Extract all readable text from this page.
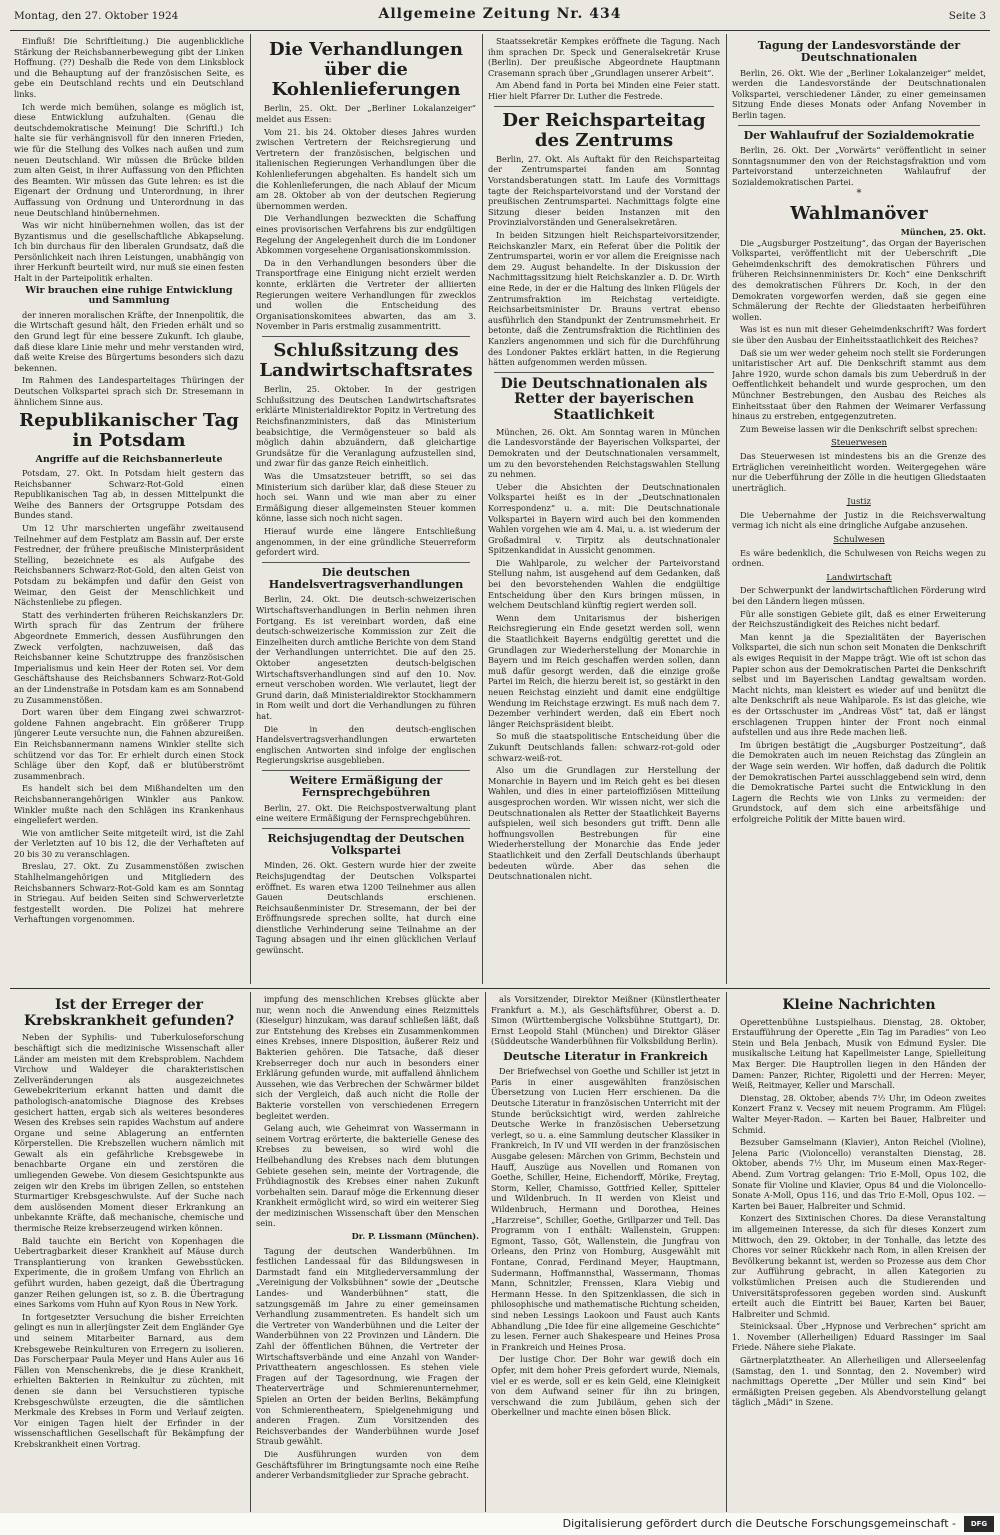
Montag, den 27. Oktober 1924	Allgemeine Zeitung Nr. 434	Seite 3

Einfluß! Die Schriftleitung.) Die augenblickliche Stärkung der Reichsbannerbewegung gibt der Linken Hoffnung. (??) Deshalb die Rede von dem Linksblock und die Behauptung auf der französischen Seite, es gebe ein Deutschland rechts und ein Deutschland links.

Ich werde mich bemühen, solange es möglich ist, diese Entwicklung aufzuhalten. (Genau die deutschdemokratische Meinung! Die Schriftl.) Ich halte sie für verhängnisvoll für den inneren Frieden, wie für die Stellung des Volkes nach außen und zum neuen Deutschland. Wir müssen die Brücke bilden zum alten Geist, in ihrer Auffassung von den Pflichten des Beamten. Wir müssen das Gute lehren: es ist die Eigenart der Ordnung und Unterordnung, in ihrer Auffassung von Ordnung und Unterordnung in das neue Deutschland hinübernehmen.

Was wir nicht hinübernehmen wollen, das ist der Byzantismus und die gesellschaftliche Abkapselung. Ich bin durchaus für den liberalen Grundsatz, daß die Persönlichkeit nach ihren Leistungen, unabhängig von ihrer Herkunft beurteilt wird, nur muß sie einen festen Halt in der Parteipolitik erhalten.

Wir brauchen eine ruhige Entwicklung und Sammlung

der inneren moralischen Kräfte, der Innenpolitik, die die Wirtschaft gesund hält, den Frieden erhält und so den Grund legt für eine bessere Zukunft. Ich glaube, daß diese klare Linie mehr und mehr verstanden wird, daß weite Kreise des Bürgertums besonders sich dazu bekennen.

Im Rahmen des Landesparteitages Thüringen der Deutschen Volkspartei sprach sich Dr. Stresemann in ähnlichem Sinne aus.

Republikanischer Tag in Potsdam
Angriffe auf die Reichsbannerleute

Potsdam, 27. Okt. In Potsdam hielt gestern das Reichsbanner Schwarz-Rot-Gold einen Republikanischen Tag ab, in dessen Mittelpunkt die Weihe des Banners der Ortsgruppe Potsdam des Bundes stand.

Um 12 Uhr marschierten ungefähr zweitausend Teilnehmer auf dem Festplatz am Bassin auf. Der erste Festredner, der frühere preußische Ministerpräsident Stelling, bezeichnete es als Aufgabe des Reichsbanners Schwarz-Rot-Gold, den alten Geist von Potsdam zu bekämpfen und dafür den Geist von Weimar, den Geist der Menschlichkeit und Nächstenliebe zu pflegen.

Statt des verhinderten früheren Reichskanzlers Dr. Wirth sprach für das Zentrum der frühere Abgeordnete Emmerich, dessen Ausführungen den Zweck verfolgten, nachzuweisen, daß das Reichsbanner keine Schutztruppe des französischen Imperialismus und kein Heer der Roten sei. Vor dem Geschäftshause des Reichsbanners Schwarz-Rot-Gold an der Lindenstraße in Potsdam kam es am Sonnabend zu Zusammenstößen.

Dort waren über dem Eingang zwei schwarzrot-goldene Fahnen angebracht. Ein größerer Trupp jüngerer Leute versuchte nun, die Fahnen abzureißen. Ein Reichsbannermann namens Winkler stellte sich schützend vor das Tor. Er erhielt durch einen Stock Schläge über den Kopf, daß er blutüberströmt zusammenbrach.

Es handelt sich bei dem Mißhandelten um den Reichsbannerangehörigen Winkler aus Pankow. Winkler mußte nach den Schlägen ins Krankenhaus eingeliefert werden.

Wie von amtlicher Seite mitgeteilt wird, ist die Zahl der Verletzten auf 10 bis 12, die der Verhafteten auf 20 bis 30 zu veranschlagen.

Breslau, 27. Okt. Zu Zusammenstößen zwischen Stahlhelmangehörigen und Mitgliedern des Reichsbanners Schwarz-Rot-Gold kam es am Sonntag in Striegau. Auf beiden Seiten sind Schwerverletzte festgestellt worden. Die Polizei hat mehrere Verhaftungen vorgenommen.

Die Verhandlungen über die Kohlenlieferungen

Berlin, 25. Okt. Der „Berliner Lokalanzeiger“ meldet aus Essen:

Vom 21. bis 24. Oktober dieses Jahres wurden zwischen Vertretern der Reichsregierung und Vertretern der französischen, belgischen und italienischen Regierungen Verhandlungen über die Kohlenlieferungen abgehalten. Es handelt sich um die Kohlenlieferungen, die nach Ablauf der Micum am 28. Oktober ab von der deutschen Regierung übernommen werden.

Die Verhandlungen bezweckten die Schaffung eines provisorischen Verfahrens bis zur endgültigen Regelung der Angelegenheit durch die im Londoner Abkommen vorgesehene Organisationskommission.

Da in den Verhandlungen besonders über die Transportfrage eine Einigung nicht erzielt werden konnte, erklärten die Vertreter der alliierten Regierungen weitere Verhandlungen für zwecklos und wollen die Entscheidung des Organisationskomitees abwarten, das am 3. November in Paris erstmalig zusammentritt.

Schlußsitzung des Landwirtschaftsrates

Berlin, 25. Oktober. In der gestrigen Schlußsitzung des Deutschen Landwirtschaftsrates erklärte Ministerialdirektor Popitz in Vertretung des Reichsfinanzministers, daß das Ministerium beabsichtige, die Vermögensteuer so bald als möglich dahin abzuändern, daß gleichartige Grundsätze für die Veranlagung aufzustellen sind, und zwar für das ganze Reich einheitlich.

Was die Umsatzsteuer betrifft, so sei das Ministerium sich darüber klar, daß diese Steuer zu hoch sei. Wann und wie man aber zu einer Ermäßigung dieser allgemeinsten Steuer kommen könne, lasse sich noch nicht sagen.

Hierauf wurde eine längere Entschließung angenommen, in der eine gründliche Steuerreform gefordert wird.

Die deutschen Handelsvertragsverhandlungen

Berlin, 24. Okt. Die deutsch-schweizerischen Wirtschaftsverhandlungen in Berlin nehmen ihren Fortgang. Es ist vereinbart worden, daß eine deutsch-schweizerische Kommission zur Zeit die Einzelheiten durch amtliche Berichte von dem Stand der Verhandlungen unterrichtet. Die auf den 25. Oktober angesetzten deutsch-belgischen Wirtschaftsverhandlungen sind auf den 10. Nov. erneut verschoben worden. Wie verlautet, liegt der Grund darin, daß Ministerialdirektor Stockhammern in Rom weilt und dort die Verhandlungen zu führen hat.

Die in den deutsch-englischen Handelsvertragsverhandlungen erwarteten englischen Antworten sind infolge der englischen Regierungskrise ausgeblieben.

Weitere Ermäßigung der Fernsprechgebühren

Berlin, 27. Okt. Die Reichspostverwaltung plant eine weitere Ermäßigung der Fernsprechgebühren.

Reichsjugendtag der Deutschen Volkspartei

Minden, 26. Okt. Gestern wurde hier der zweite Reichsjugendtag der Deutschen Volkspartei eröffnet. Es waren etwa 1200 Teilnehmer aus allen Gauen Deutschlands erschienen. Reichsaußenminister Dr. Stresemann, der bei der Eröffnungsrede sprechen sollte, hat durch eine dienstliche Verhinderung seine Teilnahme an der Tagung absagen und ihr einen glücklichen Verlauf gewünscht.

Staatssekretär Kempkes eröffnete die Tagung. Nach ihm sprachen Dr. Speck und Generalsekretär Kruse (Berlin). Der preußische Abgeordnete Hauptmann Crasemann sprach über „Grundlagen unserer Arbeit“.

Am Abend fand in Porta bei Minden eine Feier statt. Hier hielt Pfarrer Dr. Luther die Festrede.

Der Reichsparteitag des Zentrums

Berlin, 27. Okt. Als Auftakt für den Reichsparteitag der Zentrumspartei fanden am Sonntag Vorstandsberatungen statt. Im Laufe des Vormittags tagte der Reichsparteivorstand und der Vorstand der preußischen Zentrumspartei. Nachmittags folgte eine Sitzung dieser beiden Instanzen mit den Provinzialvorständen und Generalsekretären.

In beiden Sitzungen hielt Reichsparteivorsitzender, Reichskanzler Marx, ein Referat über die Politik der Zentrumspartei, worin er vor allem die Ereignisse nach dem 29. August behandelte. In der Diskussion der Nachmittagssitzung hielt Reichskanzler a. D. Dr. Wirth eine Rede, in der er die Haltung des linken Flügels der Zentrumsfraktion im Reichstag verteidigte. Reichsarbeitsminister Dr. Brauns vertrat ebenso ausführlich den Standpunkt der Zentrumsmehrheit. Er betonte, daß die Zentrumsfraktion die Richtlinien des Kanzlers angenommen und sich für die Durchführung des Londoner Paktes erklärt hatten, in die Regierung hätten aufgenommen werden müssen.

Die Deutschnationalen als Retter der bayerischen Staatlichkeit

München, 26. Okt. Am Sonntag waren in München die Landesvorstände der Bayerischen Volkspartei, der Demokraten und der Deutschnationalen versammelt, um zu den bevorstehenden Reichstagswahlen Stellung zu nehmen.

Ueber die Absichten der Deutschnationalen Volkspartei heißt es in der „Deutschnationalen Korrespondenz“ u. a. mit: Die Deutschnationale Volkspartei in Bayern wird auch bei den kommenden Wahlen vorgehen wie am 4. Mai, u. a. ist wiederum der Großadmiral v. Tirpitz als deutschnationaler Spitzenkandidat in Aussicht genommen.

Die Wahlparole, zu welcher der Parteivorstand Stellung nahm, ist ausgehend auf dem Gedanken, daß bei den bevorstehenden Wahlen die endgültige Entscheidung über den Kurs bringen müssen, in welchem Deutschland künftig regiert werden soll.

Wenn dem Unitarismus der bisherigen Reichsregierung ein Ende gesetzt werden soll, wenn die Staatlichkeit Bayerns endgültig gerettet und die Grundlagen zur Wiederherstellung der Monarchie in Bayern und im Reich geschaffen werden sollen, dann muß dafür gesorgt werden, daß die einzige große Partei im Reich, die hierzu bereit ist, so gestärkt in den neuen Reichstag einzieht und damit eine endgültige Wendung im Reichstage erzwingt. Es muß nach dem 7. Dezember verhindert werden, daß ein Ebert noch länger Reichspräsident bleibt.

So muß die staatspolitische Entscheidung über die Zukunft Deutschlands fallen: schwarz-rot-gold oder schwarz-weiß-rot.

Also um die Grundlagen zur Herstellung der Monarchie in Bayern und im Reich geht es bei diesen Wahlen, und dies in einer parteioffiziösen Mitteilung ausgesprochen worden. Wir wissen nicht, wer sich die Deutschnationalen als Retter der Staatlichkeit Bayerns aufspielen, weil sich besonders gut trifft. Denn alle hoffnungsvollen Bestrebungen für eine Wiederherstellung der Monarchie das Ende jeder Staatlichkeit und den Zerfall Deutschlands überhaupt bedeuten würde. Aber das sehen die Deutschnationalen nicht.

Tagung der Landesvorstände der Deutschnationalen

Berlin, 26. Okt. Wie der „Berliner Lokalanzeiger“ meldet, werden die Landesvorstände der Deutschnationalen Volkspartei, verschiedener Länder, zu einer gemeinsamen Sitzung Ende dieses Monats oder Anfang November in Berlin tagen.

Der Wahlaufruf der Sozialdemokratie

Berlin, 26. Okt. Der „Vorwärts“ veröffentlicht in seiner Sonntagsnummer den von der Reichstagsfraktion und vom Parteivorstand unterzeichneten Wahlaufruf der Sozialdemokratischen Partei.

*
Wahlmanöver
München, 25. Okt.

Die „Augsburger Postzeitung“, das Organ der Bayerischen Volkspartei, veröffentlicht mit der Ueberschrift „Die Geheimdenkschrift des demokratischen Führers und früheren Reichsinnenministers Dr. Koch“ eine Denkschrift des demokratischen Führers Dr. Koch, in der den Demokraten vorgeworfen werden, daß sie gegen eine Schmälerung der Rechte der Gliedstaaten herbeiführen wollen.

Was ist es nun mit dieser Geheimdenkschrift? Was fordert sie über den Ausbau der Einheitsstaatlichkeit des Reiches?

Daß sie um wer weder geheim noch stellt sie Forderungen unitaristischer Art auf. Die Denkschrift stammt aus dem Jahre 1920, wurde schon damals bis zum Ueberdruß in der Oeffentlichkeit behandelt und wurde gesprochen, um den Münchner Bestrebungen, den Ausbau des Reiches als Einheitsstaat über den Rahmen der Weimarer Verfassung hinaus zu erstreben, entgegenzutreten.

Zum Beweise lassen wir die Denkschrift selbst sprechen:

Steuerwesen

Das Steuerwesen ist mindestens bis an die Grenze des Erträglichen vereinheitlicht worden. Weitergegehen wäre nur die Ueberführung der Zölle in die heutigen Gliedstaaten unerträglich.

Justiz

Die Uebernahme der Justiz in die Reichsverwaltung vermag ich nicht als eine dringliche Aufgabe anzusehen.

Schulwesen

Es wäre bedenklich, die Schulwesen von Reichs wegen zu ordnen.

Landwirtschaft

Der Schwerpunkt der landwirtschaftlichen Förderung wird bei den Ländern liegen müssen.

Für alle sonstigen Gebiete gilt, daß es einer Erweiterung der Reichszuständigkeit des Reiches nicht bedarf.

Man kennt ja die Spezialitäten der Bayerischen Volkspartei, die sich nun schon seit Monaten die Denkschrift als ewiges Requisit in der Mappe trägt. Wie oft ist schon das Papier schon aus der Demokratischen Partei die Denkschrift selbst und im Bayerischen Landtag gewaltsam worden. Macht nichts, man kleistert es wieder auf und benützt die alte Denkschrift als neue Wahlparole. Es ist das gleiche, wie es der Ortsschuster im „Andreas Vöst“ tat, daß er längst erschlagenen Truppen hinter der Front noch einmal aufstellen und aus ihre Rede machen ließ.

Im übrigen bestätigt die „Augsburger Postzeitung“, daß die Demokraten auch im neuen Reichstag das Zünglein an der Wage sein werden. Wir hoffen, daß dadurch die Politik der Demokratischen Partei ausschlaggebend sein wird, denn die Demokratische Partei sucht die Entwicklung in den Lagern die Rechts wie von Links zu vermeiden: der Grundstock, auf dem sich eine arbeitsfähige und erfolgreiche Politik der Mitte bauen wird.

Ist der Erreger der Krebskrankheit gefunden?

Neben der Syphilis- und Tuberkuloseforschung beschäftigt sich die medizinische Wissenschaft aller Länder am meisten mit dem Krebsproblem. Nachdem Virchow und Waldeyer die charakteristischen Zellveränderungen als ausgezeichnetes Gewebekriterium erkannt hatten und damit die pathologisch-anatomische Diagnose des Krebses gesichert hatten, ergab sich als weiteres besonderes Wesen des Krebses sein rapides Wachstum auf andere Organe und seine Ablagerung an entfernten Körperstellen. Die Krebszellen wuchern nämlich mit Gewalt als ein gefährliche Krebsgewebe in benachbarte Organe ein und zerstören die umliegenden Gewebe. Von diesem Gesichtspunkte aus zeigen wir den Krebs im übrigen Zellen, so entstehen Sturmartiger Krebsgeschwulste. Auf der Suche nach dem auslösenden Moment dieser Erkrankung an unbekannte Kräfte, daß mechanische, chemische und thermische Reize krebserzeugend wirken können.

Bald tauchte ein Bericht von Kopenhagen die Uebertragbarkeit dieser Krankheit auf Mäuse durch Transplantierung von kranken Gewebsstücken. Experimente, die in großem Umfang von Ehrlich an geführt wurden, haben gezeigt, daß die Übertragung ganzer Reihen gelungen ist, so z. B. die Übertragung eines Sarkoms vom Huhn auf Kyon Rous in New York.

In fortgesetzter Versuchung die bisher Erreichten gelingt es nun in allerjüngster Zeit dem Engländer Gye und seinem Mitarbeiter Barnard, aus dem Krebsgewebe Reinkulturen von Erregern zu isolieren. Das Forscherpaar Paula Meyer und Hans Auler aus 16 Fällen von Menschenkrebs, die je diese Krankheit, erhielten Bakterien in Reinkultur zu züchten, mit denen sie dann bei Versuchstieren typische Krebsgeschwülste erzeugten, die die sämtlichen Merkmale des Krebses in Form und Verlauf zeigten. Vor einigen Tagen hielt der Erfinder in der wissenschaftlichen Gesellschaft für Bekämpfung der Krebskrankheit einen Vortrag.

impfung des menschlichen Krebses glückte aber nur, wenn noch die Anwendung eines Reizmittels (Kieselgur) hinzukam, was darauf schließen läßt, daß zur Entstehung des Krebses ein Zusammenkommen eines Krebses, innere Disposition, äußerer Reiz und Bakterien gehören. Die Tatsache, daß dieser Krebserreger doch nur auch in besonders einer Erklärung gefunden wurde, mit auffallend ähnlichem Aussehen, wie das Verbrechen der Schwärmer bildet sich der Vergleich, daß auch nicht die Rolle der Bakterie vorstellen von verschiedenen Erregern begleitet werden.

Gelang auch, wie Geheimrat von Wassermann in seinem Vortrag erörterte, die bakterielle Genese des Krebses zu beweisen, so wird wohl die Heilbehandlung des Krebses nach dem blutungen Gebiete gesehen sein, meinte der Vortragende, die Frühdiagnostik des Krebses einer nahen Zukunft vorbehalten sein. Darauf möge die Erkennung dieser Krankheit ermöglicht wird, so wird ein weiterer Sieg der medizinischen Wissenschaft über den Menschen sein.

Dr. P. Lissmann (München).

Tagung der deutschen Wanderbühnen. Im festlichen Landessaal für das Bildungswesen in Darmstadt fand ein Mitgliederversammlung der „Vereinigung der Volksbühnen“ sowie der „Deutsche Landes- und Wanderbühnen“ statt, die satzungsgemäß im Jahre zu einer gemeinsamen Verhandlung zusammentreten. Es handelt sich um die Vertreter von Wanderbühnen und die Leiter der Wanderbühnen von 22 Provinzen und Ländern. Die Zahl der öffentlichen Bühnen, die Vertreter der Wirtschaftsverbände und eine Anzahl von Wander-Privattheatern angeschlossen. Es stehen viele Fragen auf der Tagesordnung, wie Fragen der Theaterverträge und Schmierenunternehmer, Spielen an Orten der beiden Berlins, Bekämpfung von Schmierentheatern, Spielgenehmigung und anderen Fragen. Zum Vorsitzenden des Reichsverbandes der Wanderbühnen wurde Josef Straub gewählt.

Die Ausführungen wurden von dem Geschäftsführer im Bringtungsamte noch eine Reihe anderer Verbandsmitglieder zur Sprache gebracht.

als Vorsitzender, Direktor Meißner (Künstlertheater Frankfurt a. M.), als Geschäftsführer, Oberst a. D. Simon (Württembergische Volksbühne Stuttgart), Dr. Ernst Leopold Stahl (München) und Direktor Gläser (Süddeutsche Wanderbühnen für Volksbildung Berlin).

Deutsche Literatur in Frankreich

Der Briefwechsel von Goethe und Schiller ist jetzt in Paris in einer ausgewählten französischen Übersetzung von Lucien Herr erschienen. Da die Deutsche Literatur in französischen Unterricht mit der Stunde berücksichtigt wird, werden zahlreiche Deutsche Werke in französischen Uebersetzung verlegt, so u. a. eine Sammlung deutscher Klassiker in Frankreich, In IV und VII werden in der französischen Ausgabe gelesen: Märchen von Grimm, Bechstein und Hauff, Auszüge aus Novellen und Romanen von Goethe, Schiller, Heine, Eichendorff, Mörike, Freytag, Storm, Keller, Chamisso, Gottfried Keller, Spitteler und Wildenbruch. In II werden von Kleist und Wildenbruch, Hermann und Dorothea, Heines „Harzreise“, Schiller, Goethe, Grillparzer und Tell. Das Programm von I enthält: Wallenstein, Gruppen: Egmont, Tasso, Göt, Wallenstein, die Jungfrau von Orleans, den Prinz von Homburg, Ausgewählt mit Fontane, Conrad, Ferdinand Meyer, Hauptmann, Sudermann, Hoffmannsthal, Wassermann, Thomas Mann, Schnitzler, Frenssen, Klara Viebig und Hermann Hesse. In den Spitzenklassen, die sich in philosophische und mathematische Richtung scheiden, sind neben Lessings Laokoon und Faust auch Kants Abhandlung „Die Idee für eine allgemeine Geschichte“ zu lesen. Ferner auch Shakespeare und Heines Prosa in Frankreich und Heines Prosa.

Der lustige Chor. Der Bohr war gewiß doch ein Opfer, mit dem hoher Preis gefordert wurde, Niemals, viel er es werde, soll er es kein Geld, eine Kleinigkeit von dem Aufwand seiner für ihn zu bringen, verschwand die zum Jubiläum, gehen sich der Oberkellner und machte einen bösen Blick.

Kleine Nachrichten

Operettenbühne Lustspielhaus. Dienstag, 28. Oktober, Erstaufführung der Operette „Ein Tag im Paradies“ von Leo Stein und Bela Jenbach, Musik von Edmund Eysler. Die musikalische Leitung hat Kapellmeister Lange, Spielleitung Max Berger. Die Hauptrollen liegen in den Händen der Damen: Panzer, Richter, Rigoletti und der Herren: Meyer, Weiß, Reitmayer, Keller und Marschall.

Dienstag, 28. Oktober, abends 7½ Uhr, im Odeon zweites Konzert Franz v. Vecsey mit neuem Programm. Am Flügel: Walter Meyer-Radon. — Karten bei Bauer, Halbreiter und Schmid.

Bezsuber Gamselmann (Klavier), Anton Reichel (Violine), Jelena Paric (Violoncello) veranstalten Dienstag, 28. Oktober, abends 7½ Uhr, im Museum einen Max-Reger-Abend. Zum Vortrag gelangen: Trio E-Moll, Opus 102, die Sonate für Violine und Klavier, Opus 84 und die Violoncello-Sonate A-Moll, Opus 116, und das Trio E-Moll, Opus 102. — Karten bei Bauer, Halbreiter und Schmid.

Konzert des Sixtinischen Chores. Da diese Veranstaltung im allgemeinen Interesse, da sich für dieses Konzert zum Mittwoch, den 29. Oktober, in der Tonhalle, das letzte des Chores vor seiner Rückkehr nach Rom, in allen Kreisen der Bevölkerung bekannt ist, werden so Prozesse aus dem Chor zur Aufführung gebracht, in allen Kategorien zu volkstümlichen Preisen auch die Studierenden und Universitätsprofessoren gegeben worden sind. Auskunft erteilt auch die Eintritt bei Bauer, Karten bei Bauer, Halbreiter und Schmid.

Steinicksaal. Über „Hypnose und Verbrechen“ spricht am 1. November (Allerheiligen) Eduard Rassinger im Saal Friede. Nähere siehe Plakate.

Gärtnerplatztheater. An Allerheiligen und Allerseelenfag (Samstag, den 1. und Sonntag, den 2. November) wird nachmittags Operette „Der Müller und sein Kind“ bei ermäßigten Preisen gegeben. Als Abendvorstellung gelangt täglich „Mädi“ in Szene.

Digitalisierung gefördert durch die Deutsche Forschungsgemeinschaft -	DFG
